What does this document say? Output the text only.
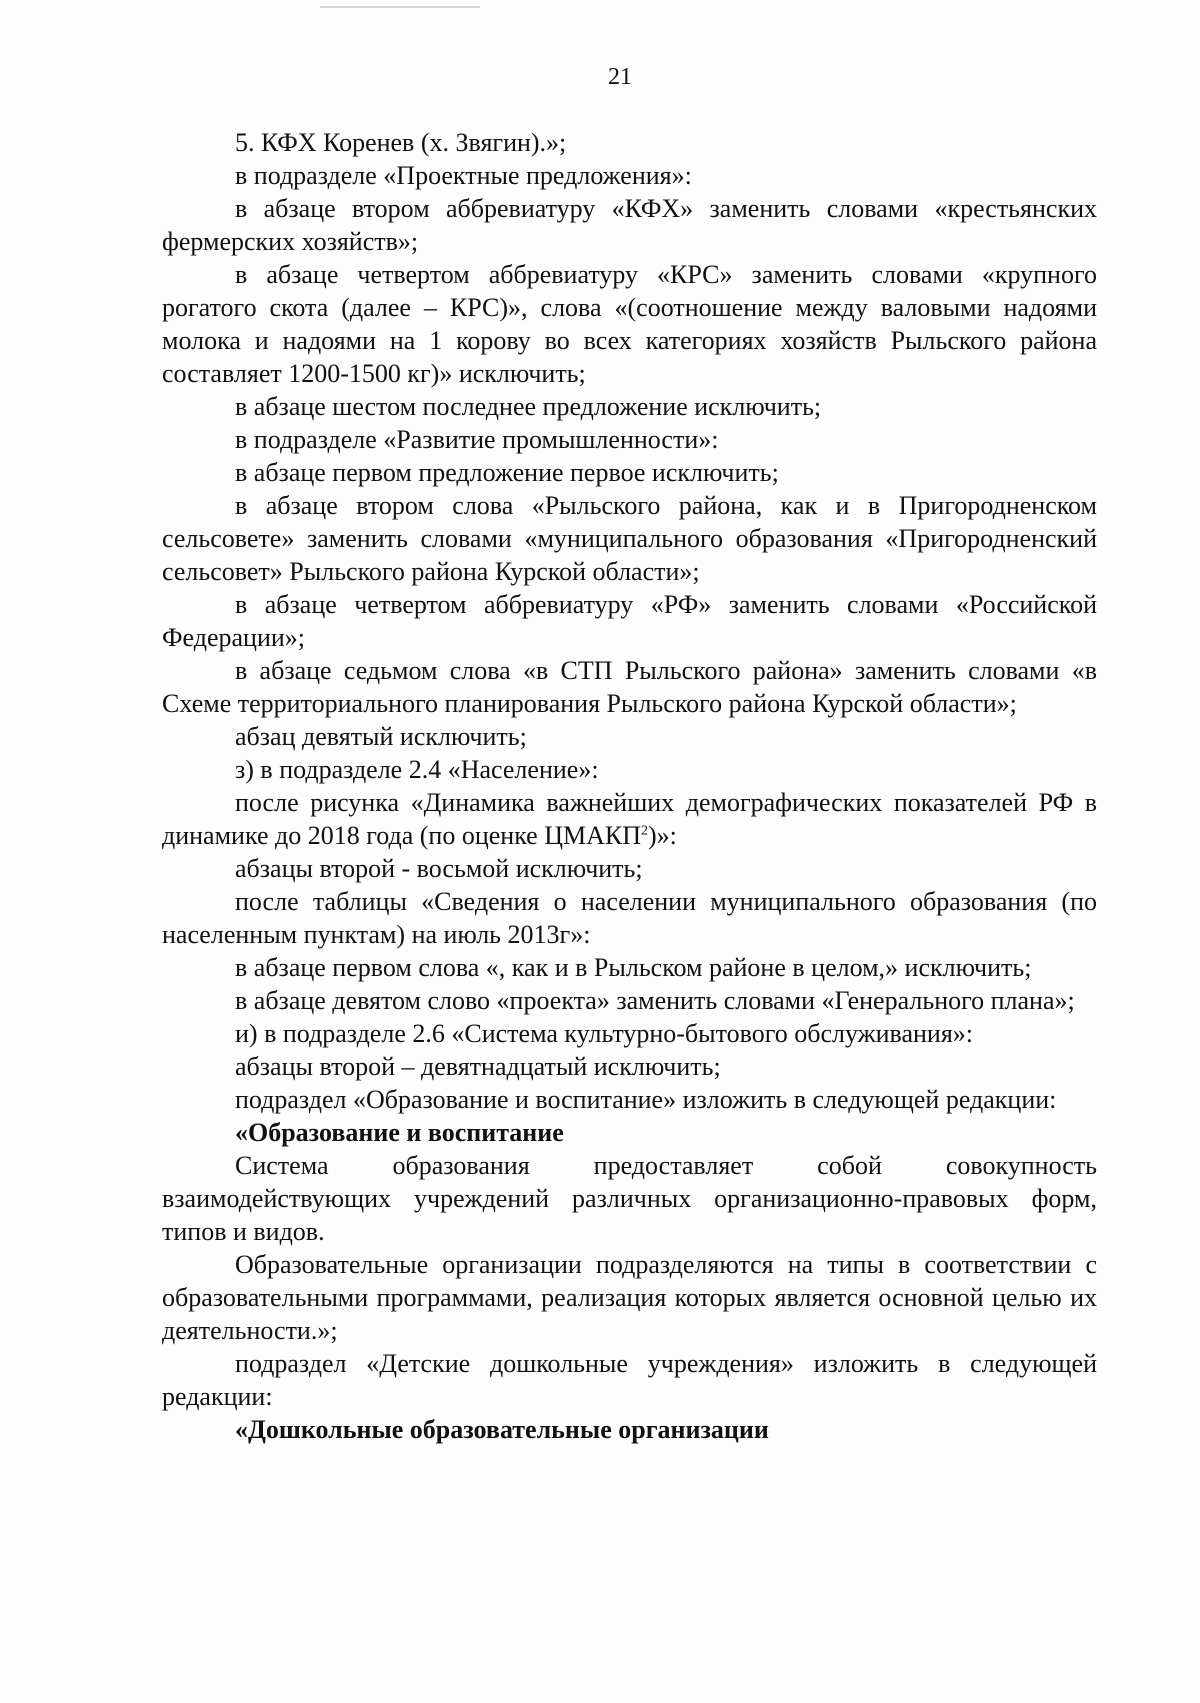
21

5. КФХ Коренев (х. Звягин).»;

в подразделе «Проектные предложения»:

в абзаце втором аббревиатуру «КФХ» заменить словами «крестьянских фермерских хозяйств»;

в абзаце четвертом аббревиатуру «КРС» заменить словами «крупного рогатого скота (далее – КРС)», слова «(соотношение между валовыми надоями молока и надоями на 1 корову во всех категориях хозяйств Рыльского района составляет 1200-1500 кг)» исключить;

в абзаце шестом последнее предложение исключить;

в подразделе «Развитие промышленности»:

в абзаце первом предложение первое исключить;

в абзаце втором слова «Рыльского района, как и в Пригородненском сельсовете» заменить словами «муниципального образования «Пригородненский сельсовет» Рыльского района Курской области»;

в абзаце четвертом аббревиатуру «РФ» заменить словами «Российской Федерации»;

в абзаце седьмом слова «в СТП Рыльского района» заменить словами «в Схеме территориального планирования Рыльского района Курской области»;

абзац девятый исключить;

з) в подразделе 2.4 «Население»:

после рисунка «Динамика важнейших демографических показателей РФ в динамике до 2018 года (по оценке ЦМАКП$^2$)»:

абзацы второй - восьмой исключить;

после таблицы «Сведения о населении муниципального образования (по населенным пунктам) на июль 2013г»:

в абзаце первом слова «, как и в Рыльском районе в целом,» исключить;

в абзаце девятом слово «проекта» заменить словами «Генерального плана»;

и) в подразделе 2.6 «Система культурно-бытового обслуживания»:

абзацы второй – девятнадцатый исключить;

подраздел «Образование и воспитание» изложить в следующей редакции:

«Образование и воспитание

Система образования предоставляет собой совокупность взаимодействующих учреждений различных организационно-правовых форм, типов и видов.

Образовательные организации подразделяются на типы в соответствии с образовательными программами, реализация которых является основной целью их деятельности.»;

подраздел «Детские дошкольные учреждения» изложить в следующей редакции:

«Дошкольные образовательные организации
